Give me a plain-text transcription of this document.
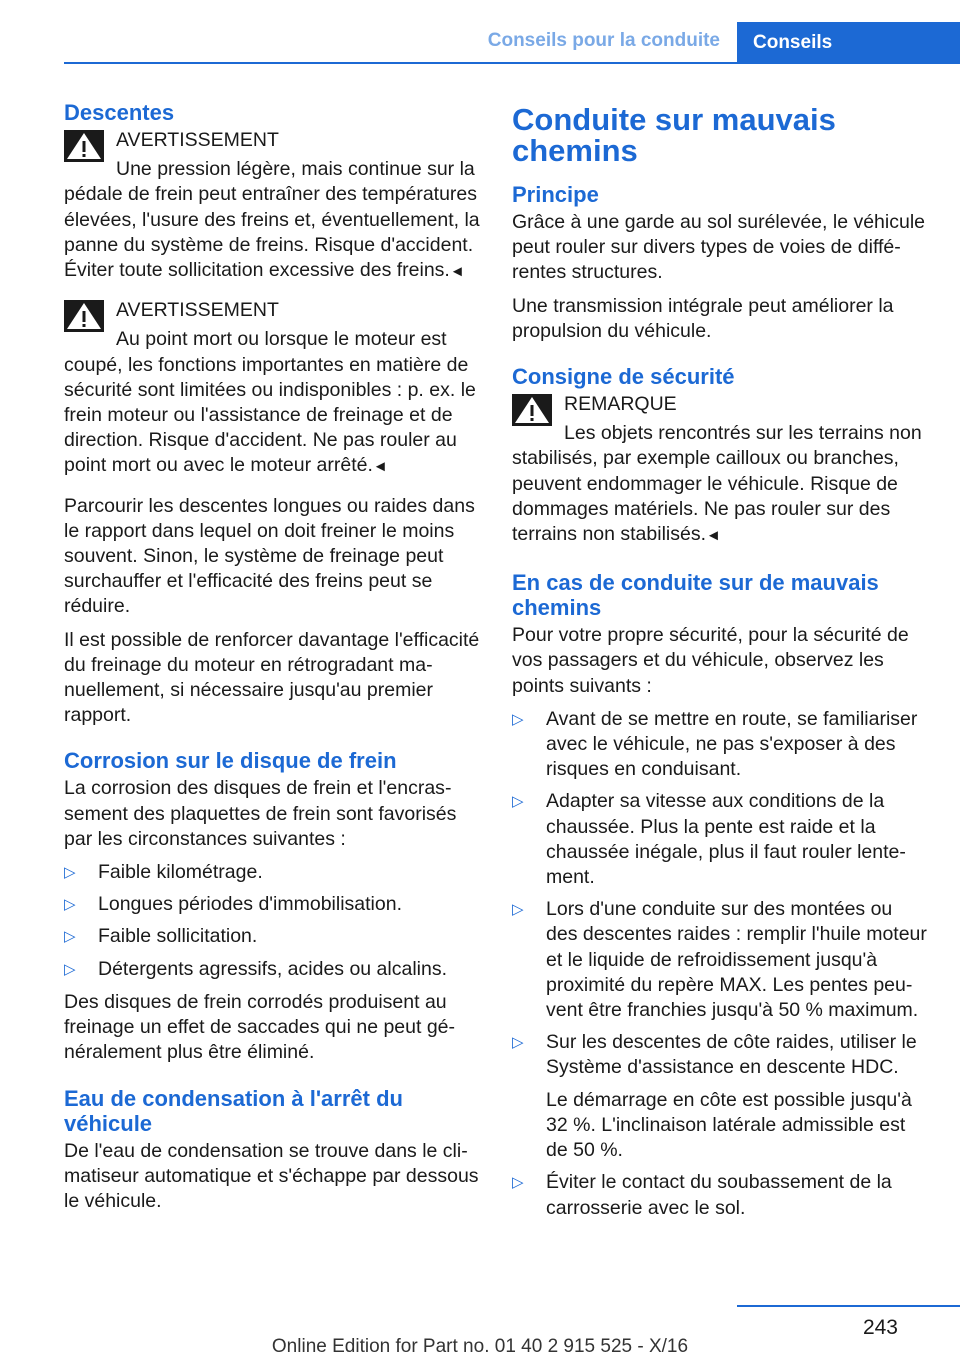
Conseils pour la conduite	Conseils
Descentes
AVERTISSEMENT
Une pression légère, mais continue sur la pédale de frein peut entraîner des températures élevées, l'usure des freins et, éventuellement, la panne du système de freins. Risque d'accident. Éviter toute sollicitation excessive des freins.◄
AVERTISSEMENT
Au point mort ou lorsque le moteur est coupé, les fonctions importantes en matière de sécurité sont limitées ou indisponibles : p. ex. le frein moteur ou l'assistance de freinage et de direction. Risque d'accident. Ne pas rouler au point mort ou avec le moteur arrêté.◄

Parcourir les descentes longues ou raides dans le rapport dans lequel on doit freiner le moins souvent. Sinon, le système de freinage peut surchauffer et l'efficacité des freins peut se réduire.

Il est possible de renforcer davantage l'efficacité du freinage du moteur en rétrogradant manuellement, si nécessaire jusqu'au premier rapport.

Corrosion sur le disque de frein

La corrosion des disques de frein et l'encrassement des plaquettes de frein sont favorisés par les circonstances suivantes :

▷ Faible kilométrage.
▷ Longues périodes d'immobilisation.
▷ Faible sollicitation.
▷ Détergents agressifs, acides ou alcalins.

Des disques de frein corrodés produisent au freinage un effet de saccades qui ne peut généralement plus être éliminé.

Eau de condensation à l'arrêt du véhicule

De l'eau de condensation se trouve dans le climatiseur automatique et s'échappe par dessous le véhicule.

Conduite sur mauvais chemins
Principe

Grâce à une garde au sol surélevée, le véhicule peut rouler sur divers types de voies de différentes structures.

Une transmission intégrale peut améliorer la propulsion du véhicule.

Consigne de sécurité
REMARQUE
Les objets rencontrés sur les terrains non stabilisés, par exemple cailloux ou branches, peuvent endommager le véhicule. Risque de dommages matériels. Ne pas rouler sur des terrains non stabilisés.◄
En cas de conduite sur de mauvais chemins

Pour votre propre sécurité, pour la sécurité de vos passagers et du véhicule, observez les points suivants :

▷ Avant de se mettre en route, se familiariser avec le véhicule, ne pas s'exposer à des risques en conduisant.
▷ Adapter sa vitesse aux conditions de la chaussée. Plus la pente est raide et la chaussée inégale, plus il faut rouler lentement.
▷ Lors d'une conduite sur des montées ou des descentes raides : remplir l'huile moteur et le liquide de refroidissement jusqu'à proximité du repère MAX. Les pentes peuvent être franchies jusqu'à 50 % maximum.
▷ Sur les descentes de côte raides, utiliser le Système d'assistance en descente HDC.
Le démarrage en côte est possible jusqu'à 32 %. L'inclinaison latérale admissible est de 50 %.
▷ Éviter le contact du soubassement de la carrosserie avec le sol.
243
Online Edition for Part no. 01 40 2 915 525 - X/16
